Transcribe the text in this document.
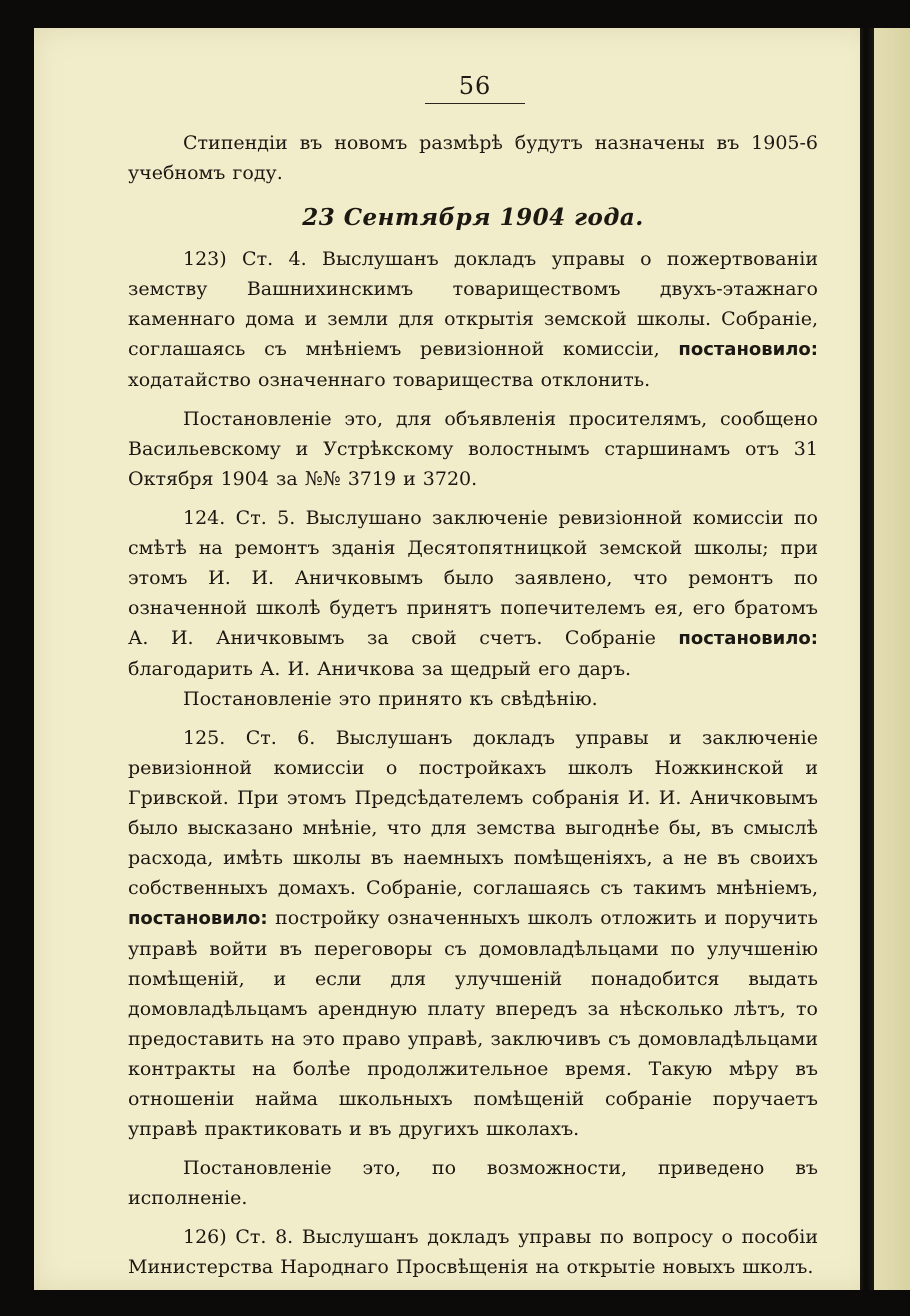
56

Стипендіи въ новомъ размѣрѣ будутъ назначены въ 1905-6 учебномъ году.

23 Сентября 1904 года.

123) Ст. 4. Выслушанъ докладъ управы о пожертвованіи земству Вашнихинскимъ товариществомъ двухъ-этажнаго каменнаго дома и земли для открытія земской школы. Собраніе, соглашаясь съ мнѣніемъ ревизіонной комиссіи, постановило: ходатайство означеннаго товарищества отклонить.

Постановленіе это, для объявленія просителямъ, сообщено Васильевскому и Устрѣкскому волостнымъ старшинамъ отъ 31 Октября 1904 за №№ 3719 и 3720.

124. Ст. 5. Выслушано заключеніе ревизіонной комиссіи по смѣтѣ на ремонтъ зданія Десятопятницкой земской школы; при этомъ И. И. Аничковымъ было заявлено, что ремонтъ по означенной школѣ будетъ принятъ попечителемъ ея, его братомъ А. И. Аничковымъ за свой счетъ. Собраніе постановило: благодарить А. И. Аничкова за щедрый его даръ.

Постановленіе это принято къ свѣдѣнію.

125. Ст. 6. Выслушанъ докладъ управы и заключеніе ревизіонной комиссіи о постройкахъ школъ Ножкинской и Гривской. При этомъ Предсѣдателемъ собранія И. И. Аничковымъ было высказано мнѣніе, что для земства выгоднѣе бы, въ смыслѣ расхода, имѣть школы въ наемныхъ помѣщеніяхъ, а не въ своихъ собственныхъ домахъ. Собраніе, соглашаясь съ такимъ мнѣніемъ, постановило: постройку означенныхъ школъ отложить и поручить управѣ войти въ переговоры съ домовладѣльцами по улучшенію помѣщеній, и если для улучшеній понадобится выдать домовладѣльцамъ арендную плату впередъ за нѣсколько лѣтъ, то предоставить на это право управѣ, заключивъ съ домовладѣльцами контракты на болѣе продолжительное время. Такую мѣру въ отношеніи найма школьныхъ помѣщеній собраніе поручаетъ управѣ практиковать и въ другихъ школахъ.

Постановленіе это, по возможности, приведено въ исполненіе.

126) Ст. 8. Выслушанъ докладъ управы по вопросу о пособіи Министерства Народнаго Просвѣщенія на открытіе новыхъ школъ.
